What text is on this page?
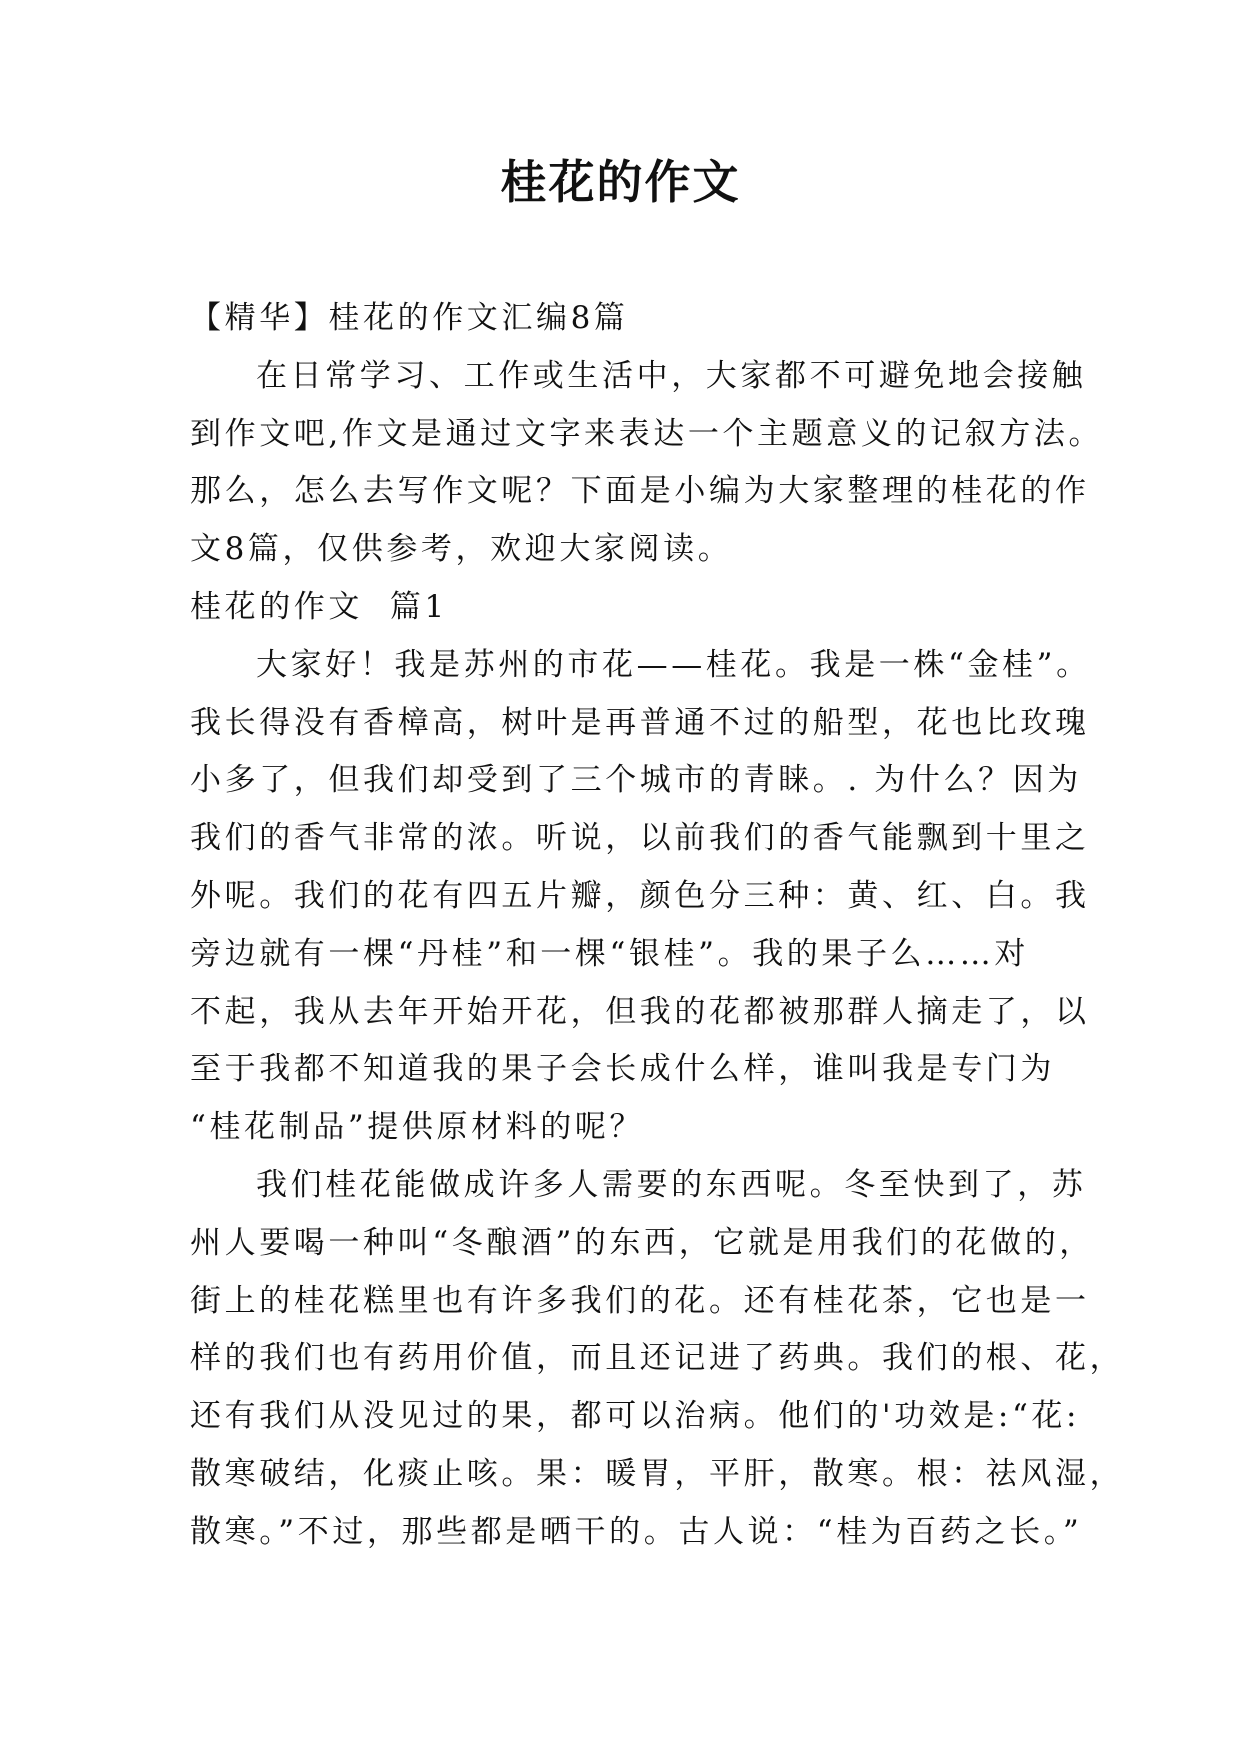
桂花的作文
【精华】桂花的作文汇编8篇
在日常学习、工作或生活中，大家都不可避免地会接触
到作文吧,作文是通过文字来表达一个主题意义的记叙方法。
那么，怎么去写作文呢？下面是小编为大家整理的桂花的作
文8篇，仅供参考，欢迎大家阅读。
桂花的作文  篇1
大家好！我是苏州的市花——桂花。我是一株“金桂”。
我长得没有香樟高，树叶是再普通不过的船型，花也比玫瑰
小多了，但我们却受到了三个城市的青睐。. 为什么？因为
我们的香气非常的浓。听说，以前我们的香气能飘到十里之
外呢。我们的花有四五片瓣，颜色分三种：黄、红、白。我
旁边就有一棵“丹桂”和一棵“银桂”。我的果子么……对
不起，我从去年开始开花，但我的花都被那群人摘走了，以
至于我都不知道我的果子会长成什么样，谁叫我是专门为
“桂花制品”提供原材料的呢？
我们桂花能做成许多人需要的东西呢。冬至快到了，苏
州人要喝一种叫“冬酿酒”的东西，它就是用我们的花做的，
街上的桂花糕里也有许多我们的花。还有桂花茶，它也是一
样的我们也有药用价值，而且还记进了药典。我们的根、花，
还有我们从没见过的果，都可以治病。他们的'功效是:“花:
散寒破结，化痰止咳。果：暖胃，平肝，散寒。根：祛风湿，
散寒。”不过，那些都是晒干的。古人说：“桂为百药之长。”
